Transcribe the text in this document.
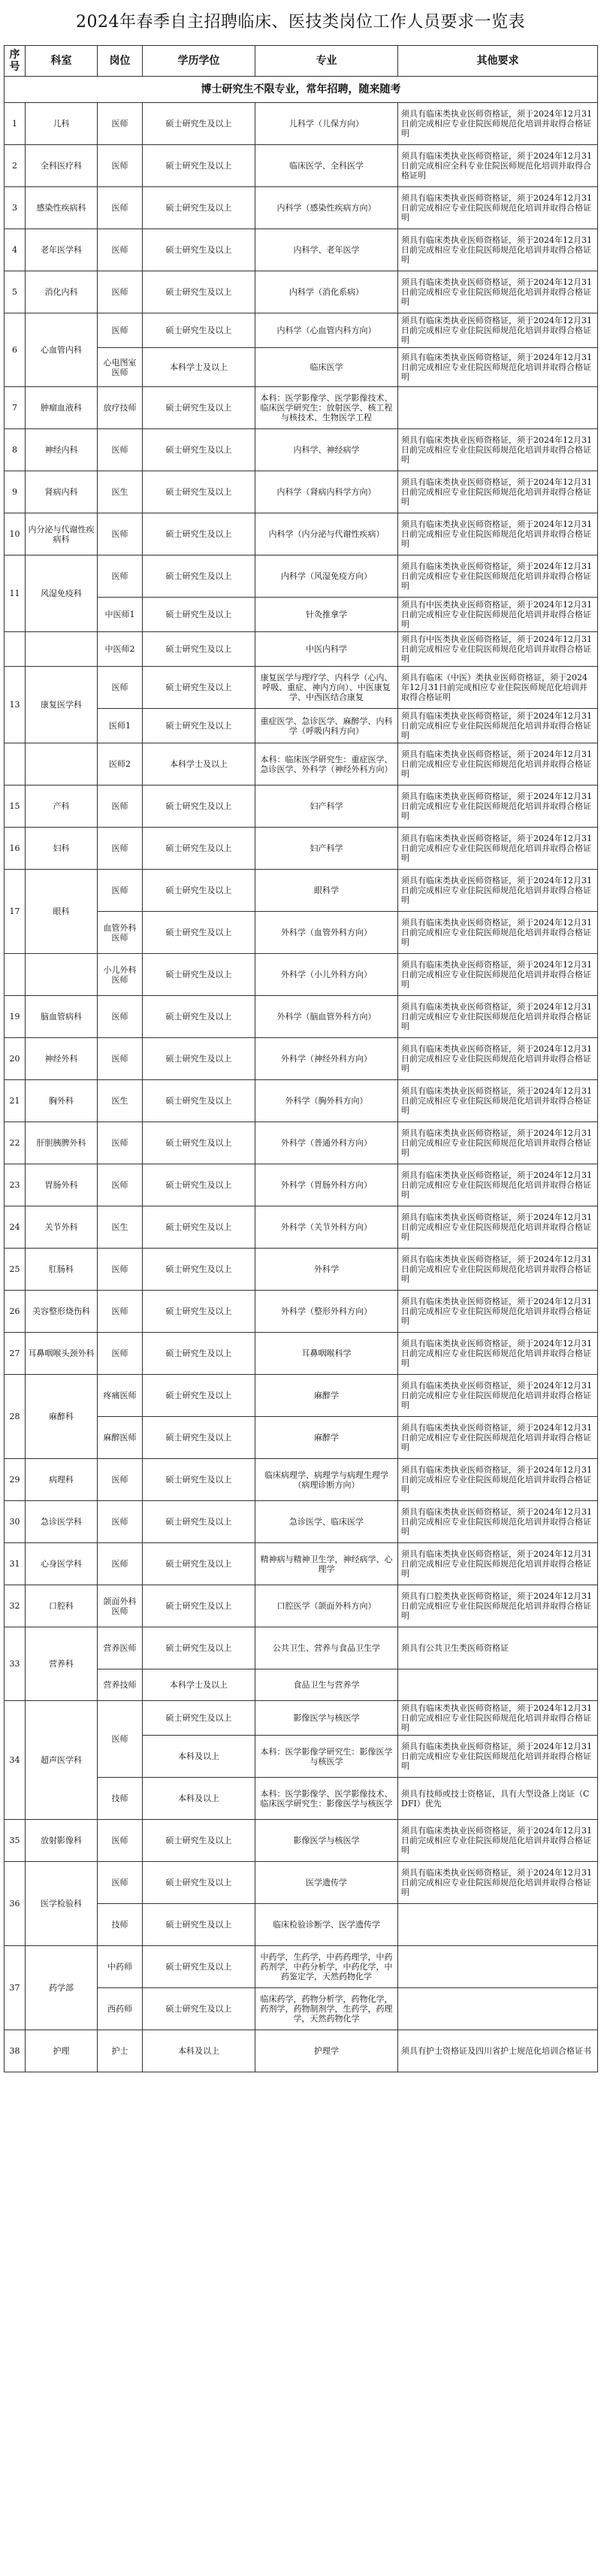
2024年春季自主招聘临床、医技类岗位工作人员要求一览表
序号	科室	岗位	学历学位	专业	其他要求
博士研究生不限专业，常年招聘，随来随考					
1	儿科	医师	硕士研究生及以上	儿科学（儿保方向）	须具有临床类执业医师资格证，须于2024年12月31日前完成相应专业住院医师规范化培训并取得合格证明
2	全科医疗科	医师	硕士研究生及以上	临床医学、全科医学	须具有临床类执业医师资格证，须于2024年12月31日前完成相应全科专业住院医师规范化培训并取得合格证明
3	感染性疾病科	医师	硕士研究生及以上	内科学（感染性疾病方向）	须具有临床类执业医师资格证，须于2024年12月31日前完成相应专业住院医师规范化培训并取得合格证明
4	老年医学科	医师	硕士研究生及以上	内科学、老年医学	须具有临床类执业医师资格证，须于2024年12月31日前完成相应专业住院医师规范化培训并取得合格证明
5	消化内科	医师	硕士研究生及以上	内科学（消化系病）	须具有临床类执业医师资格证，须于2024年12月31日前完成相应专业住院医师规范化培训并取得合格证明
6	心血管内科	医师	硕士研究生及以上	内科学（心血管内科方向）	须具有临床类执业医师资格证，须于2024年12月31日前完成相应专业住院医师规范化培训并取得合格证明
		心电图室医师	本科学士及以上	临床医学	须具有临床类执业医师资格证，须于2024年12月31日前完成相应专业住院医师规范化培训并取得合格证明
7	肿瘤血液科	放疗技师	硕士研究生及以上	本科：医学影像学、医学影像技术、临床医学研究生：放射医学、核工程与核技术、生物医学工程	
8	神经内科	医师	硕士研究生及以上	内科学、神经病学	须具有临床类执业医师资格证，须于2024年12月31日前完成相应专业住院医师规范化培训并取得合格证明
9	肾病内科	医生	硕士研究生及以上	内科学（肾病内科学方向）	须具有临床类执业医师资格证，须于2024年12月31日前完成相应专业住院医师规范化培训并取得合格证明
10	内分泌与代谢性疾病科	医师	硕士研究生及以上	内科学（内分泌与代谢性疾病）	须具有临床类执业医师资格证，须于2024年12月31日前完成相应专业住院医师规范化培训并取得合格证明
11	风湿免疫科	医师	硕士研究生及以上	内科学（风湿免疫方向）	须具有临床类执业医师资格证，须于2024年12月31日前完成相应专业住院医师规范化培训并取得合格证明
		中医师1	硕士研究生及以上	针灸推拿学	须具有中医类执业医师资格证，须于2024年12月31日前完成相应专业住院医师规范化培训并取得合格证明
		中医师2	硕士研究生及以上	中医内科学	须具有中医类执业医师资格证，须于2024年12月31日前完成相应专业住院医师规范化培训并取得合格证明
13	康复医学科	医师	硕士研究生及以上	康复医学与理疗学、内科学（心内、呼吸、重症、神内方向）、中医康复学、中西医结合康复	须具有临床（中医）类执业医师资格证，须于2024年12月31日前完成相应专业住院医师规范化培训并取得合格证明
		医师1	硕士研究生及以上	重症医学、急诊医学、麻醉学、内科学（呼吸内科方向）	须具有临床类执业医师资格证，须于2024年12月31日前完成相应专业住院医师规范化培训并取得合格证明
		医师2	本科学士及以上	本科：临床医学研究生：重症医学、急诊医学、外科学（神经外科方向）	须具有临床类执业医师资格证，须于2024年12月31日前完成相应专业住院医师规范化培训并取得合格证明
15	产科	医师	硕士研究生及以上	妇产科学	须具有临床类执业医师资格证，须于2024年12月31日前完成相应专业住院医师规范化培训并取得合格证明
16	妇科	医师	硕士研究生及以上	妇产科学	须具有临床类执业医师资格证，须于2024年12月31日前完成相应专业住院医师规范化培训并取得合格证明
17	眼科	医师	硕士研究生及以上	眼科学	须具有临床类执业医师资格证，须于2024年12月31日前完成相应专业住院医师规范化培训并取得合格证明
		血管外科医师	硕士研究生及以上	外科学（血管外科方向）	须具有临床类执业医师资格证，须于2024年12月31日前完成相应专业住院医师规范化培训并取得合格证明
		小儿外科医师	硕士研究生及以上	外科学（小儿外科方向）	须具有临床类执业医师资格证，须于2024年12月31日前完成相应专业住院医师规范化培训并取得合格证明
19	脑血管病科	医师	硕士研究生及以上	外科学（脑血管外科方向）	须具有临床类执业医师资格证，须于2024年12月31日前完成相应专业住院医师规范化培训并取得合格证明
20	神经外科	医师	硕士研究生及以上	外科学（神经外科方向）	须具有临床类执业医师资格证，须于2024年12月31日前完成相应专业住院医师规范化培训并取得合格证明
21	胸外科	医生	硕士研究生及以上	外科学（胸外科方向）	须具有临床类执业医师资格证，须于2024年12月31日前完成相应专业住院医师规范化培训并取得合格证明
22	肝胆胰脾外科	医师	硕士研究生及以上	外科学（普通外科方向）	须具有临床类执业医师资格证，须于2024年12月31日前完成相应专业住院医师规范化培训并取得合格证明
23	胃肠外科	医师	硕士研究生及以上	外科学（胃肠外科方向）	须具有临床类执业医师资格证，须于2024年12月31日前完成相应专业住院医师规范化培训并取得合格证明
24	关节外科	医生	硕士研究生及以上	外科学（关节外科方向）	须具有临床类执业医师资格证，须于2024年12月31日前完成相应专业住院医师规范化培训并取得合格证明
25	肛肠科	医师	硕士研究生及以上	外科学	须具有临床类执业医师资格证，须于2024年12月31日前完成相应专业住院医师规范化培训并取得合格证明
26	美容整形烧伤科	医师	硕士研究生及以上	外科学（整形外科方向）	须具有临床类执业医师资格证，须于2024年12月31日前完成相应专业住院医师规范化培训并取得合格证明
27	耳鼻咽喉头颈外科	医师	硕士研究生及以上	耳鼻咽喉科学	须具有临床类执业医师资格证，须于2024年12月31日前完成相应专业住院医师规范化培训并取得合格证明
28	麻醉科	疼痛医师	硕士研究生及以上	麻醉学	须具有临床类执业医师资格证，须于2024年12月31日前完成相应专业住院医师规范化培训并取得合格证明
		麻醉医师	硕士研究生及以上	麻醉学	须具有临床类执业医师资格证，须于2024年12月31日前完成相应专业住院医师规范化培训并取得合格证明
29	病理科	医师	硕士研究生及以上	临床病理学、病理学与病理生理学（病理诊断方向）	须具有临床类执业医师资格证，须于2024年12月31日前完成相应专业住院医师规范化培训并取得合格证明
30	急诊医学科	医师	硕士研究生及以上	急诊医学、临床医学	须具有临床类执业医师资格证，须于2024年12月31日前完成相应专业住院医师规范化培训并取得合格证明
31	心身医学科	医师	硕士研究生及以上	精神病与精神卫生学，神经病学、心理学	须具有临床类执业医师资格证，须于2024年12月31日前完成相应专业住院医师规范化培训并取得合格证明
32	口腔科	颌面外科医师	硕士研究生及以上	口腔医学（颌面外科方向）	须具有口腔类执业医师资格证，须于2024年12月31日前完成相应专业住院医师规范化培训并取得合格证明
33	营养科	营养医师	硕士研究生及以上	公共卫生、营养与食品卫生学	须具有公共卫生类医师资格证
		营养技师	本科学士及以上	食品卫生与营养学	
34	超声医学科	医师	硕士研究生及以上	影像医学与核医学	须具有临床类执业医师资格证，须于2024年12月31日前完成相应专业住院医师规范化培训并取得合格证明
			本科及以上	本科：医学影像学研究生：影像医学与核医学	须具有临床类执业医师资格证，须于2024年12月31日前完成相应专业住院医师规范化培训并取得合格证明
		技师	本科及以上	本科：医学影像学、医学影像技术、临床医学研究生：影像医学与核医学	须具有技师或技士资格证，具有大型设备上岗证（CDFI）优先
35	放射影像科	医师	硕士研究生及以上	影像医学与核医学	须具有临床类执业医师资格证，须于2024年12月31日前完成相应专业住院医师规范化培训并取得合格证明
36	医学检验科	医师	硕士研究生及以上	医学遗传学	须具有临床类执业医师资格证，须于2024年12月31日前完成相应专业住院医师规范化培训并取得合格证明
		技师	硕士研究生及以上	临床检验诊断学、医学遗传学	
37	药学部	中药师	硕士研究生及以上	中药学，生药学，中药药理学，中药药剂学，中药分析学，中药化学，中药鉴定学，天然药物化学	
		西药师	硕士研究生及以上	临床药学，药物分析学，药物化学，药剂学，药物制剂学，生药学，药理学，天然药物化学	
38	护理	护士	本科及以上	护理学	须具有护士资格证及四川省护士规范化培训合格证书
